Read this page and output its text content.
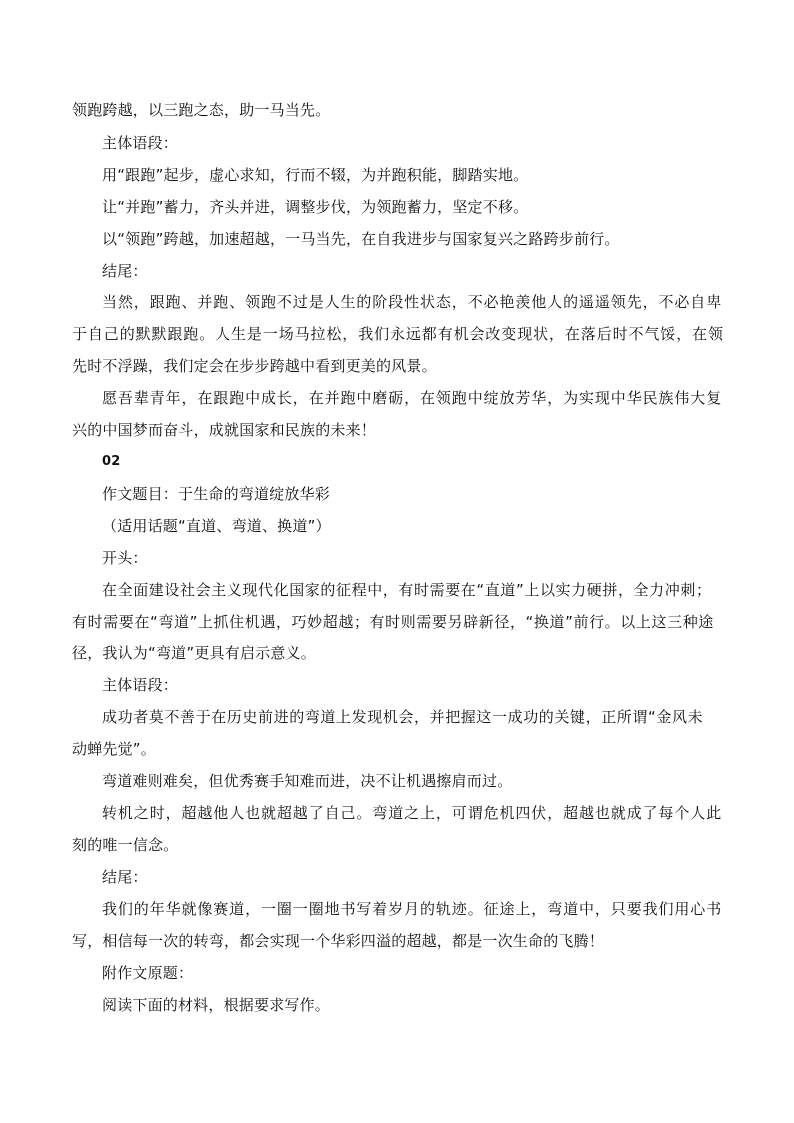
领跑跨越，以三跑之态，助一马当先。
主体语段：
用“跟跑”起步，虚心求知，行而不辍，为并跑积能，脚踏实地。
让“并跑”蓄力，齐头并进，调整步伐，为领跑蓄力，坚定不移。
以“领跑”跨越，加速超越，一马当先，在自我进步与国家复兴之路跨步前行。
结尾：
当然，跟跑、并跑、领跑不过是人生的阶段性状态，不必艳羡他人的遥遥领先，不必自卑
于自己的默默跟跑。人生是一场马拉松，我们永远都有机会改变现状，在落后时不气馁，在领
先时不浮躁，我们定会在步步跨越中看到更美的风景。
愿吾辈青年，在跟跑中成长，在并跑中磨砺，在领跑中绽放芳华，为实现中华民族伟大复
兴的中国梦而奋斗，成就国家和民族的未来！
02
作文题目：于生命的弯道绽放华彩
（适用话题“直道、弯道、换道”）
开头：
在全面建设社会主义现代化国家的征程中，有时需要在“直道”上以实力硬拼，全力冲刺；
有时需要在“弯道”上抓住机遇，巧妙超越；有时则需要另辟新径，“换道”前行。以上这三种途
径，我认为“弯道”更具有启示意义。
主体语段：
成功者莫不善于在历史前进的弯道上发现机会，并把握这一成功的关键，正所谓“金风未
动蝉先觉”。
弯道难则难矣，但优秀赛手知难而进，决不让机遇擦肩而过。
转机之时，超越他人也就超越了自己。弯道之上，可谓危机四伏，超越也就成了每个人此
刻的唯一信念。
结尾：
我们的年华就像赛道，一圈一圈地书写着岁月的轨迹。征途上，弯道中，只要我们用心书
写，相信每一次的转弯，都会实现一个华彩四溢的超越，都是一次生命的飞腾！
附作文原题：
阅读下面的材料，根据要求写作。
